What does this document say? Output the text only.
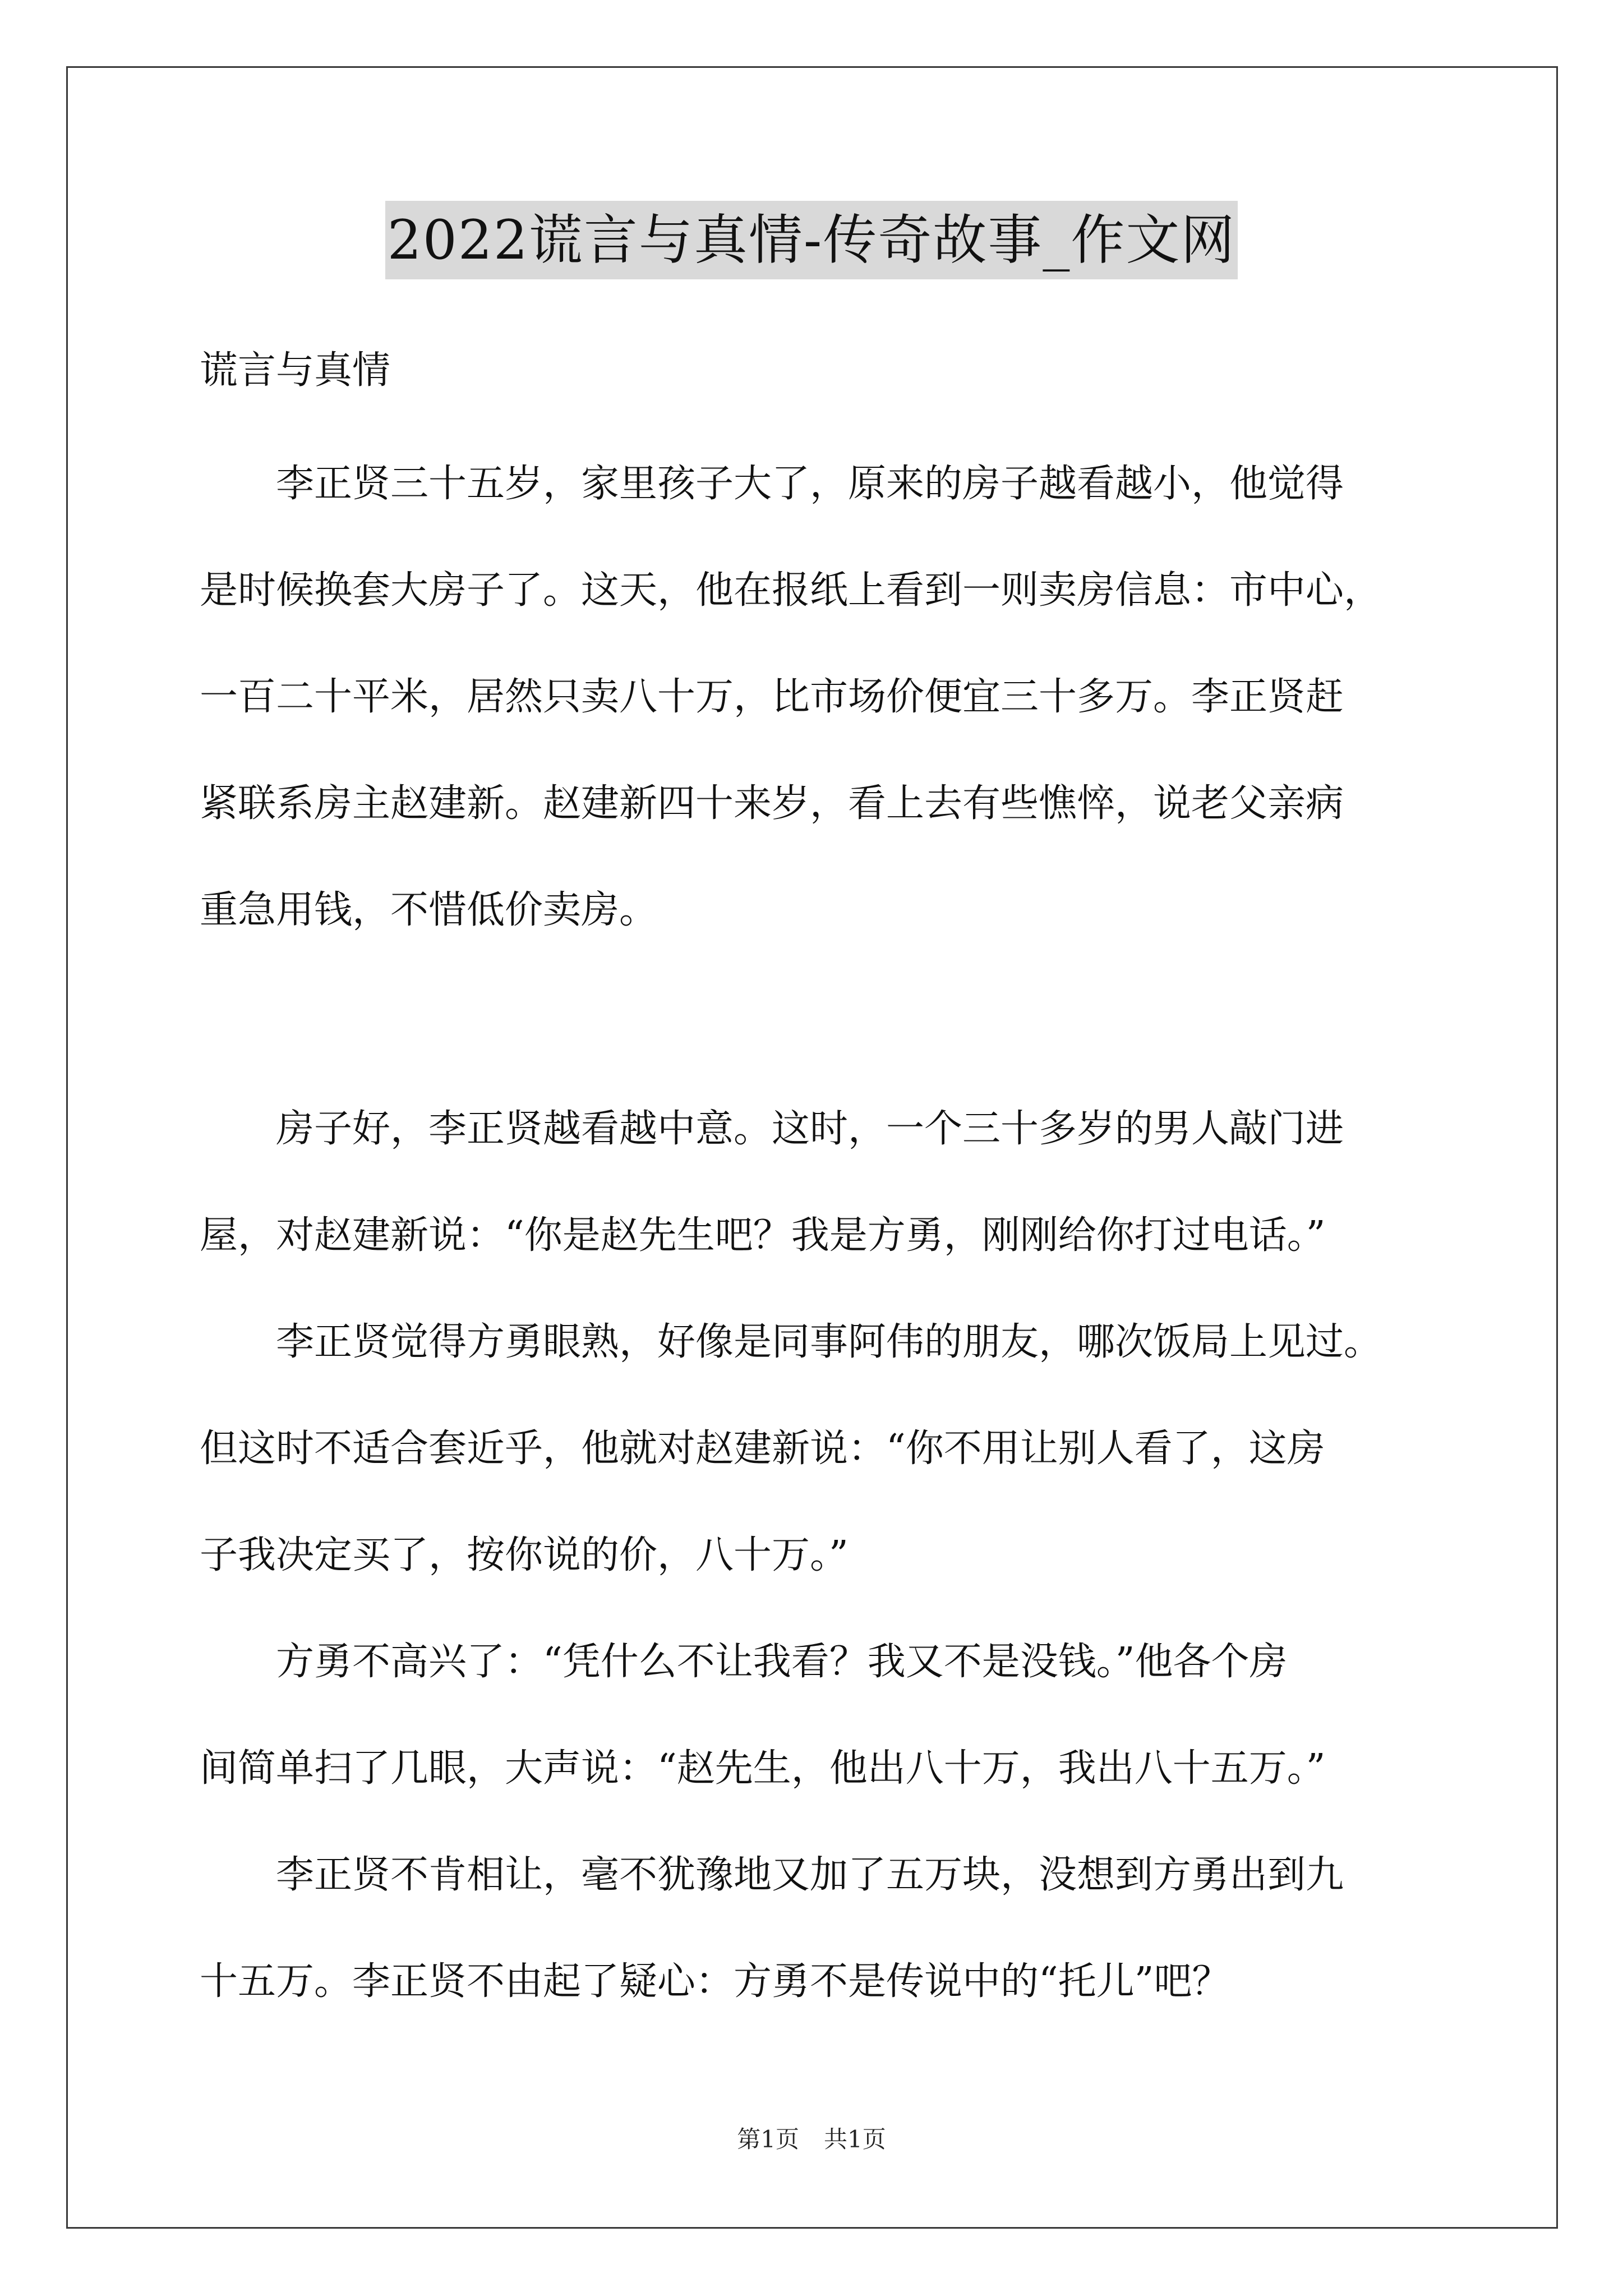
2022谎言与真情-传奇故事_作文网
谎言与真情
李正贤三十五岁，家里孩子大了，原来的房子越看越小，他觉得
是时候换套大房子了。这天，他在报纸上看到一则卖房信息：市中心，
一百二十平米，居然只卖八十万，比市场价便宜三十多万。李正贤赶
紧联系房主赵建新。赵建新四十来岁，看上去有些憔悴，说老父亲病
重急用钱，不惜低价卖房。
房子好，李正贤越看越中意。这时，一个三十多岁的男人敲门进
屋，对赵建新说：“你是赵先生吧？我是方勇，刚刚给你打过电话。”
李正贤觉得方勇眼熟，好像是同事阿伟的朋友，哪次饭局上见过。
但这时不适合套近乎，他就对赵建新说：“你不用让别人看了，这房
子我决定买了，按你说的价，八十万。”
方勇不高兴了：“凭什么不让我看？我又不是没钱。”他各个房
间简单扫了几眼，大声说：“赵先生，他出八十万，我出八十五万。”
李正贤不肯相让，毫不犹豫地又加了五万块，没想到方勇出到九
十五万。李正贤不由起了疑心：方勇不是传说中的“托儿”吧？
第1页 共1页
